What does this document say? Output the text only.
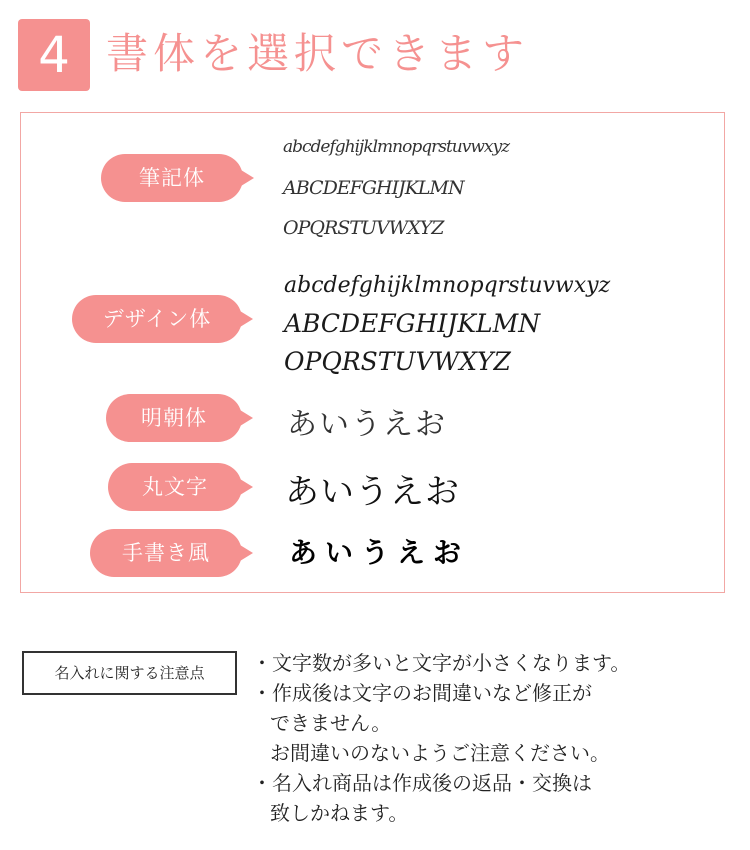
4 書体を選択できます
筆記体
abcdefghijklmnopqrstuvwxyz
ABCDEFGHIJKLMN
OPQRSTUVWXYZ
デザイン体
abcdefghijklmnopqrstuvwxyz
ABCDEFGHIJKLMN
OPQRSTUVWXYZ
明朝体	あいうえお
丸文字	あいうえお
手書き風	あいうえお
名入れに関する注意点	・文字数が多いと文字が小さくなります。
・作成後は文字のお間違いなど修正が
できません。
お間違いのないようご注意ください。
・名入れ商品は作成後の返品・交換は
致しかねます。
